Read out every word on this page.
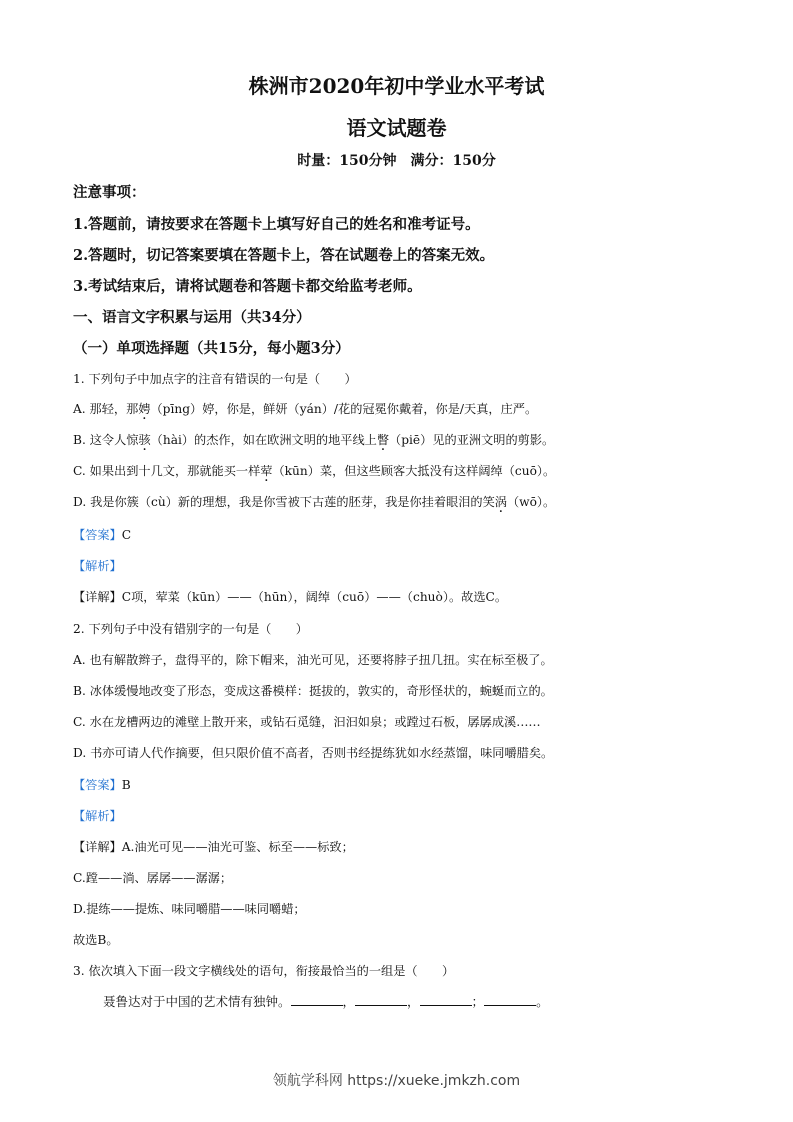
株洲市2020年初中学业水平考试
语文试题卷
时量：150分钟　满分：150分
注意事项：
1.答题前，请按要求在答题卡上填写好自己的姓名和准考证号。
2.答题时，切记答案要填在答题卡上，答在试题卷上的答案无效。
3.考试结束后，请将试题卷和答题卡都交给监考老师。
一、语言文字积累与运用（共34分）
（一）单项选择题（共15分，每小题3分）
1. 下列句子中加点字的注音有错误的一句是（　　）
A. 那轻，那娉（pīng）婷，你是，鲜妍（yán）/花的冠冕你戴着，你是/天真，庄严。
B. 这令人惊骇（hài）的杰作，如在欧洲文明的地平线上瞥（piē）见的亚洲文明的剪影。
C. 如果出到十几文，那就能买一样荤（kūn）菜，但这些顾客大抵没有这样阔绰（cuō）。
D. 我是你簇（cù）新的理想，我是你雪被下古莲的胚芽，我是你挂着眼泪的笑涡（wō）。
【答案】C
【解析】
【详解】C项，荤菜（kūn）——（hūn），阔绰（cuō）——（chuò）。故选C。
2. 下列句子中没有错别字的一句是（　　）
A. 也有解散辫子，盘得平的，除下帽来，油光可见，还要将脖子扭几扭。实在标至极了。
B. 冰体缓慢地改变了形态，变成这番模样：挺拔的，敦实的，奇形怪状的，蜿蜒而立的。
C. 水在龙槽两边的滩壁上散开来，或钻石觅缝，汩汩如泉；或蹚过石板，孱孱成溪……
D. 书亦可请人代作摘要，但只限价值不高者，否则书经提练犹如水经蒸馏，味同嚼腊矣。
【答案】B
【解析】
【详解】A.油光可见——油光可鉴、标至——标致；
C.蹚——淌、孱孱——潺潺；
D.提练——提炼、味同嚼腊——味同嚼蜡；
故选B。
3. 依次填入下面一段文字横线处的语句，衔接最恰当的一组是（　　）
聂鲁达对于中国的艺术情有独钟。	，	，	；	。
领航学科网 https://xueke.jmkzh.com
